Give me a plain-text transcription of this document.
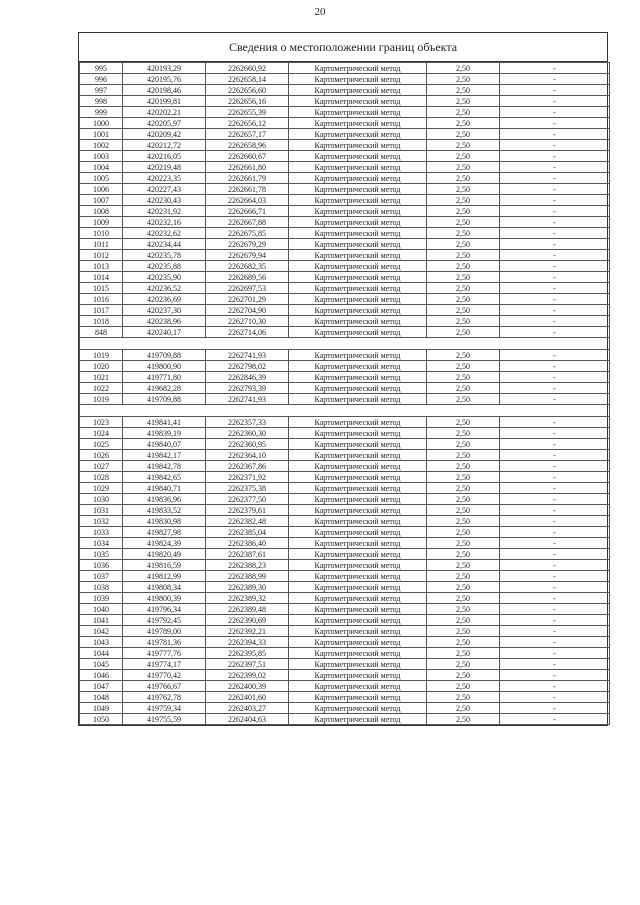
20
Сведения о местоположении границ объекта
995	420193,29	2262660,92	Картометрический метод	2,50	-
996	420195,76	2262658,14	Картометрический метод	2,50	-
997	420198,46	2262656,60	Картометрический метод	2,50	-
998	420199,81	2262656,16	Картометрический метод	2,50	-
999	420202,21	2262655,39	Картометрический метод	2,50	-
1000	420205,97	2262656,12	Картометрический метод	2,50	-
1001	420209,42	2262657,17	Картометрический метод	2,50	-
1002	420212,72	2262658,96	Картометрический метод	2,50	-
1003	420216,05	2262660,67	Картометрический метод	2,50	-
1004	420219,48	2262661,80	Картометрический метод	2,50	-
1005	420223,35	2262661,79	Картометрический метод	2,50	-
1006	420227,43	2262661,78	Картометрический метод	2,50	-
1007	420230,43	2262664,03	Картометрический метод	2,50	-
1008	420231,92	2262666,71	Картометрический метод	2,50	-
1009	420232,16	2262667,88	Картометрический метод	2,50	-
1010	420232,62	2262675,85	Картометрический метод	2,50	-
1011	420234,44	2262679,29	Картометрический метод	2,50	-
1012	420235,78	2262679,94	Картометрический метод	2,50	-
1013	420235,88	2262682,35	Картометрический метод	2,50	-
1014	420235,90	2262689,56	Картометрический метод	2,50	-
1015	420236,52	2262697,53	Картометрический метод	2,50	-
1016	420236,69	2262701,29	Картометрический метод	2,50	-
1017	420237,30	2262704,90	Картометрический метод	2,50	-
1018	420238,96	2262710,30	Картометрический метод	2,50	-
848	420240,17	2262714,06	Картометрический метод	2,50	-

1019	419709,88	2262741,93	Картометрический метод	2,50	-
1020	419800,90	2262798,02	Картометрический метод	2,50	-
1021	419771,80	2262846,39	Картометрический метод	2,50	-
1022	419682,28	2262793,39	Картометрический метод	2,50	-
1019	419709,88	2262741,93	Картометрический метод	2,50	-

1023	419841,41	2262357,33	Картометрический метод	2,50	-
1024	419839,19	2262360,30	Картометрический метод	2,50	-
1025	419840,07	2262360,95	Картометрический метод	2,50	-
1026	419842,17	2262364,10	Картометрический метод	2,50	-
1027	419842,78	2262367,86	Картометрический метод	2,50	-
1028	419842,65	2262371,92	Картометрический метод	2,50	-
1029	419840,71	2262375,38	Картометрический метод	2,50	-
1030	419836,96	2262377,50	Картометрический метод	2,50	-
1031	419833,52	2262379,61	Картометрический метод	2,50	-
1032	419830,98	2262382,48	Картометрический метод	2,50	-
1033	419827,98	2262385,04	Картометрический метод	2,50	-
1034	419824,39	2262386,40	Картометрический метод	2,50	-
1035	419820,49	2262387,61	Картометрический метод	2,50	-
1036	419816,59	2262388,23	Картометрический метод	2,50	-
1037	419812,99	2262388,99	Картометрический метод	2,50	-
1038	419808,34	2262389,30	Картометрический метод	2,50	-
1039	419800,39	2262389,32	Картометрический метод	2,50	-
1040	419796,34	2262389,48	Картометрический метод	2,50	-
1041	419792,45	2262390,69	Картометрический метод	2,50	-
1042	419789,00	2262392,21	Картометрический метод	2,50	-
1043	419781,36	2262394,33	Картометрический метод	2,50	-
1044	419777,76	2262395,85	Картометрический метод	2,50	-
1045	419774,17	2262397,51	Картометрический метод	2,50	-
1046	419770,42	2262399,02	Картометрический метод	2,50	-
1047	419766,67	2262400,39	Картометрический метод	2,50	-
1048	419762,78	2262401,60	Картометрический метод	2,50	-
1049	419759,34	2262403,27	Картометрический метод	2,50	-
1050	419755,59	2262404,63	Картометрический метод	2,50	-
